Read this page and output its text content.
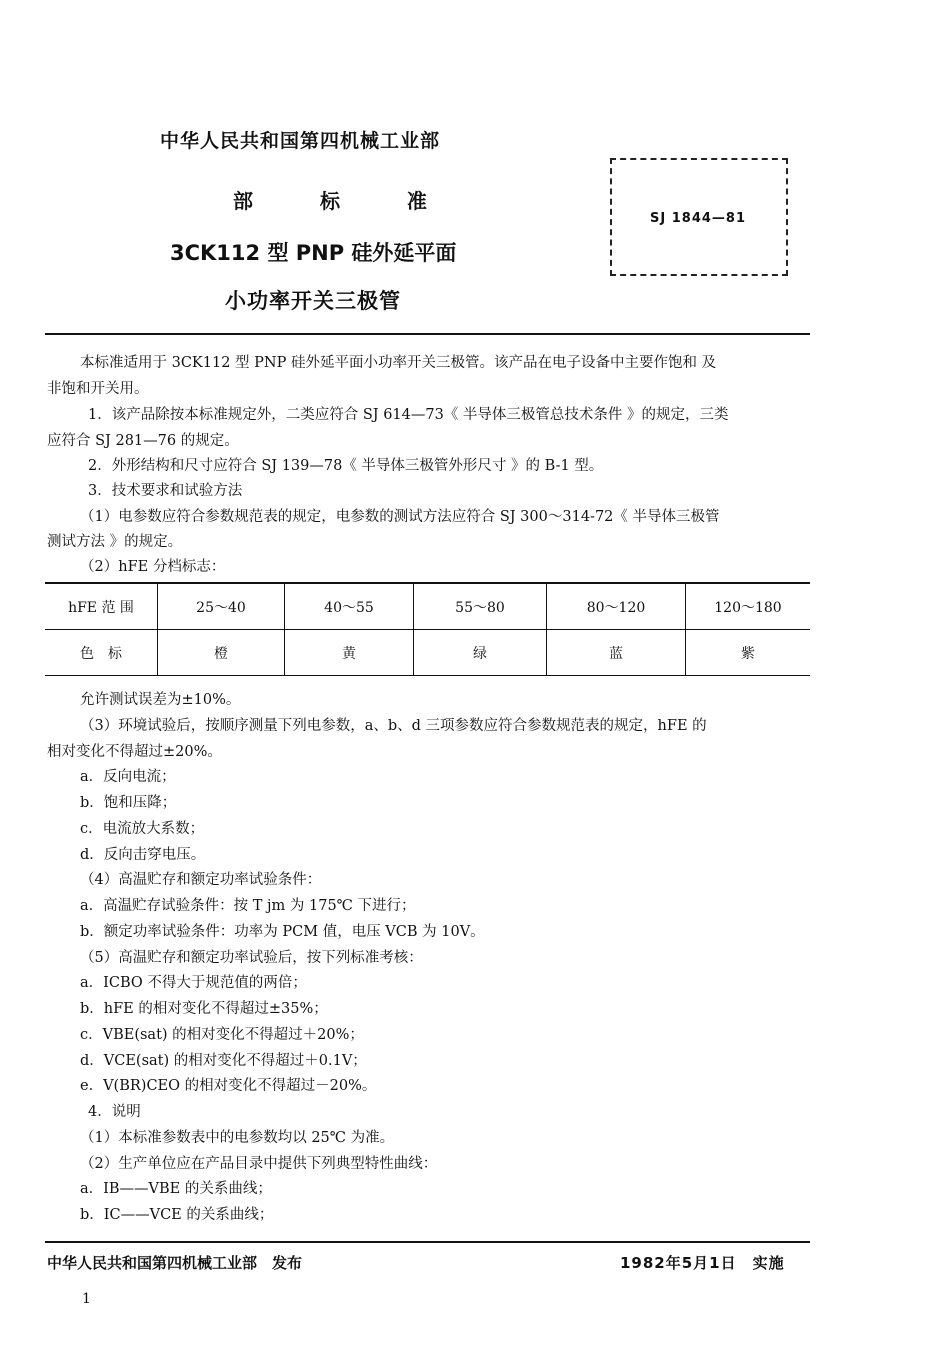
中华人民共和国第四机械工业部
部 标 准
3CK112 型 PNP 硅外延平面
小功率开关三极管
SJ 1844—81
本标准适用于 3CK112 型 PNP 硅外延平面小功率开关三极管。该产品在电子设备中主要作饱和 及
非饱和开关用。
1．该产品除按本标准规定外，二类应符合 SJ 614—73《 半导体三极管总技术条件 》的规定，三类
应符合 SJ 281—76 的规定。
2．外形结构和尺寸应符合 SJ 139—78《 半导体三极管外形尺寸 》的 B-1 型。
3．技术要求和试验方法
（1）电参数应符合参数规范表的规定，电参数的测试方法应符合 SJ 300～314-72《 半导体三极管
测试方法 》的规定。
（2）hFE 分档标志：
hFE 范 围	25～40	40～55	55～80	80～120	120～180
色　标	橙	黄	绿	蓝	紫
允许测试误差为±10%。
（3）环境试验后，按顺序测量下列电参数，a、b、d 三项参数应符合参数规范表的规定，hFE 的
相对变化不得超过±20%。
a．反向电流；
b．饱和压降；
c．电流放大系数；
d．反向击穿电压。
（4）高温贮存和额定功率试验条件：
a．高温贮存试验条件：按 T jm 为 175℃ 下进行；
b．额定功率试验条件：功率为 PCM 值，电压 VCB 为 10V。
（5）高温贮存和额定功率试验后，按下列标准考核：
a．ICBO 不得大于规范值的两倍；
b．hFE 的相对变化不得超过±35%；
c．VBE(sat) 的相对变化不得超过＋20%；
d．VCE(sat) 的相对变化不得超过＋0.1V；
e．V(BR)CEO 的相对变化不得超过－20%。
4．说明
（1）本标准参数表中的电参数均以 25℃ 为准。
（2）生产单位应在产品目录中提供下列典型特性曲线：
a．IB——VBE 的关系曲线；
b．IC——VCE 的关系曲线；
中华人民共和国第四机械工业部　发布	1982年5月1日　实施
1
